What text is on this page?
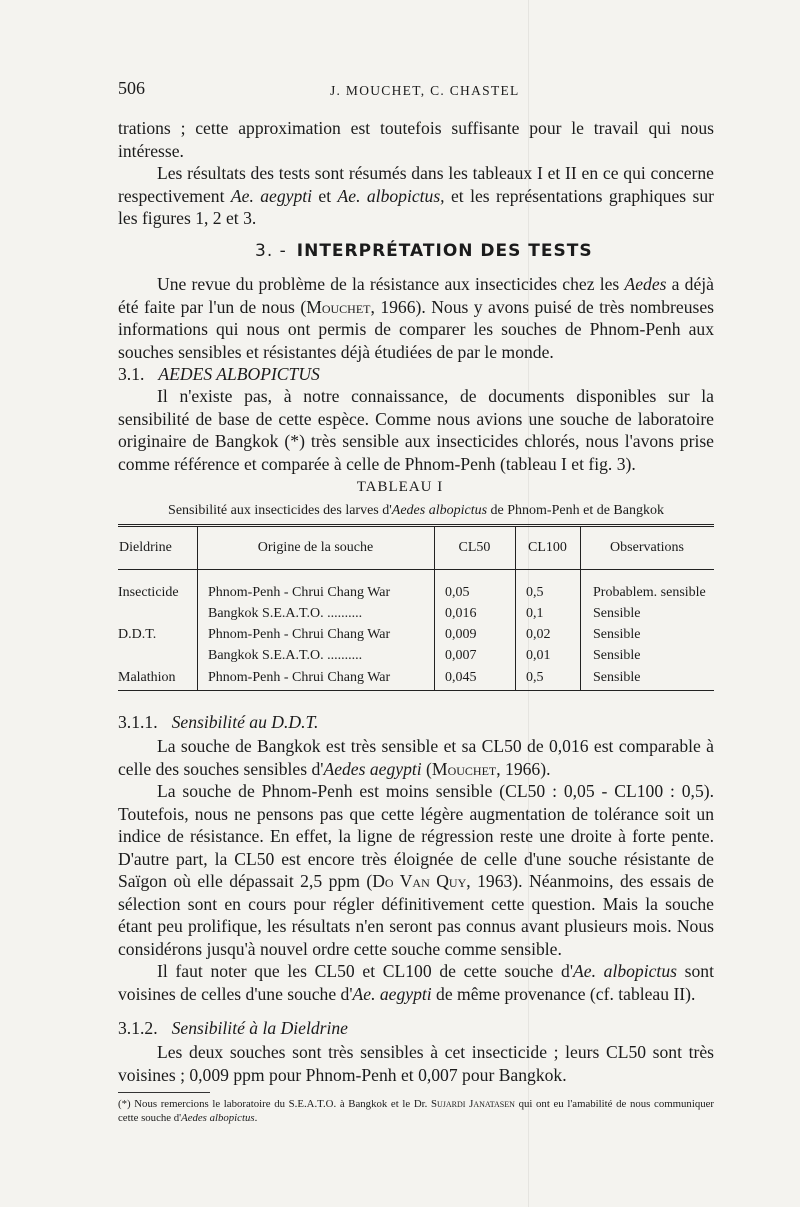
506	J. MOUCHET, C. CHASTEL

trations ; cette approximation est toutefois suffisante pour le travail qui nous intéresse.

Les résultats des tests sont résumés dans les tableaux I et II en ce qui concerne respectivement Ae. aegypti et Ae. albopictus, et les représentations graphiques sur les figures 1, 2 et 3.

3. - INTERPRÉTATION DES TESTS

Une revue du problème de la résistance aux insecticides chez les Aedes a déjà été faite par l'un de nous (Mouchet, 1966). Nous y avons puisé de très nombreuses informations qui nous ont permis de comparer les souches de Phnom-Penh aux souches sensibles et résistantes déjà étudiées de par le monde.

3.1. AEDES ALBOPICTUS

Il n'existe pas, à notre connaissance, de documents disponibles sur la sensibilité de base de cette espèce. Comme nous avions une souche de laboratoire originaire de Bangkok (*) très sensible aux insecticides chlorés, nous l'avons prise comme référence et comparée à celle de Phnom-Penh (tableau I et fig. 3).

TABLEAU I
Sensibilité aux insecticides des larves d'Aedes albopictus de Phnom-Penh et de Bangkok
Dieldrine	Origine de la souche	CL50	CL100	Observations

Insecticide	Phnom-Penh - Chrui Chang War	0,05	0,5	Probablem. sensible
	Bangkok S.E.A.T.O. ..........	0,016	0,1	Sensible
D.D.T.	Phnom-Penh - Chrui Chang War	0,009	0,02	Sensible
	Bangkok S.E.A.T.O. ..........	0,007	0,01	Sensible
Malathion	Phnom-Penh - Chrui Chang War	0,045	0,5	Sensible
3.1.1. Sensibilité au D.D.T.

La souche de Bangkok est très sensible et sa CL50 de 0,016 est comparable à celle des souches sensibles d'Aedes aegypti (Mouchet, 1966).

La souche de Phnom-Penh est moins sensible (CL50 : 0,05 - CL100 : 0,5). Toutefois, nous ne pensons pas que cette légère augmentation de tolérance soit un indice de résistance. En effet, la ligne de régression reste une droite à forte pente. D'autre part, la CL50 est encore très éloignée de celle d'une souche résistante de Saïgon où elle dépassait 2,5 ppm (Do Van Quy, 1963). Néanmoins, des essais de sélection sont en cours pour régler définitivement cette question. Mais la souche étant peu prolifique, les résultats n'en seront pas connus avant plusieurs mois. Nous considérons jusqu'à nouvel ordre cette souche comme sensible.

Il faut noter que les CL50 et CL100 de cette souche d'Ae. albopictus sont voisines de celles d'une souche d'Ae. aegypti de même provenance (cf. tableau II).

3.1.2. Sensibilité à la Dieldrine

Les deux souches sont très sensibles à cet insecticide ; leurs CL50 sont très voisines ; 0,009 ppm pour Phnom-Penh et 0,007 pour Bangkok.

(*) Nous remercions le laboratoire du S.E.A.T.O. à Bangkok et le Dr. Sujardi Janatasen qui ont eu l'amabilité de nous communiquer cette souche d'Aedes albopictus.
